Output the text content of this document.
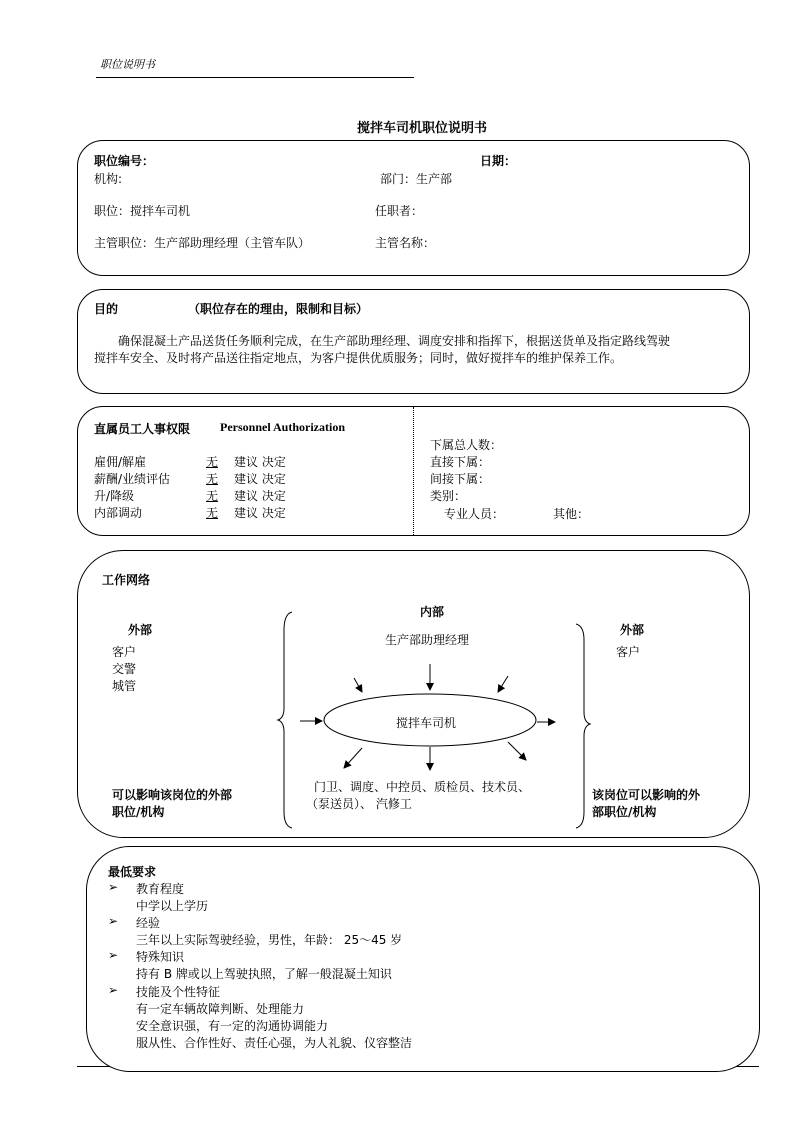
职位说明书
搅拌车司机职位说明书
职位编号：	日期：
机构:	部门：生产部
职位：搅拌车司机	任职者：
主管职位：生产部助理经理（主管车队）	主管名称：
目的	（职位存在的理由，限制和目标）
确保混凝土产品送货任务顺利完成，在生产部助理经理、调度安排和指挥下，根据送货单及指定路线驾驶
搅拌车安全、及时将产品送往指定地点，为客户提供优质服务；同时，做好搅拌车的维护保养工作。
直属员工人事权限 Personnel Authorization
雇佣/解雇	无 建议 决定
薪酬/业绩评估	无 建议 决定
升/降级	无 建议 决定
内部调动	无 建议 决定
下属总人数：
直接下属：
间接下属：
类别：
专业人员：	其他：
工作网络
内部
外部	外部
客户
交警
城管
客户
生产部助理经理
搅拌车司机
门卫、调度、中控员、质检员、技术员、
（泵送员）、 汽修工
可以影响该岗位的外部
职位/机构
该岗位可以影响的外
部职位/机构
最低要求
➢ 教育程度
中学以上学历
➢ 经验
三年以上实际驾驶经验，男性，年龄： 25～45 岁
➢ 特殊知识
持有 B 牌或以上驾驶执照，了解一般混凝土知识
➢ 技能及个性特征
有一定车辆故障判断、处理能力
安全意识强，有一定的沟通协调能力
服从性、合作性好、责任心强，为人礼貌、仪容整洁
